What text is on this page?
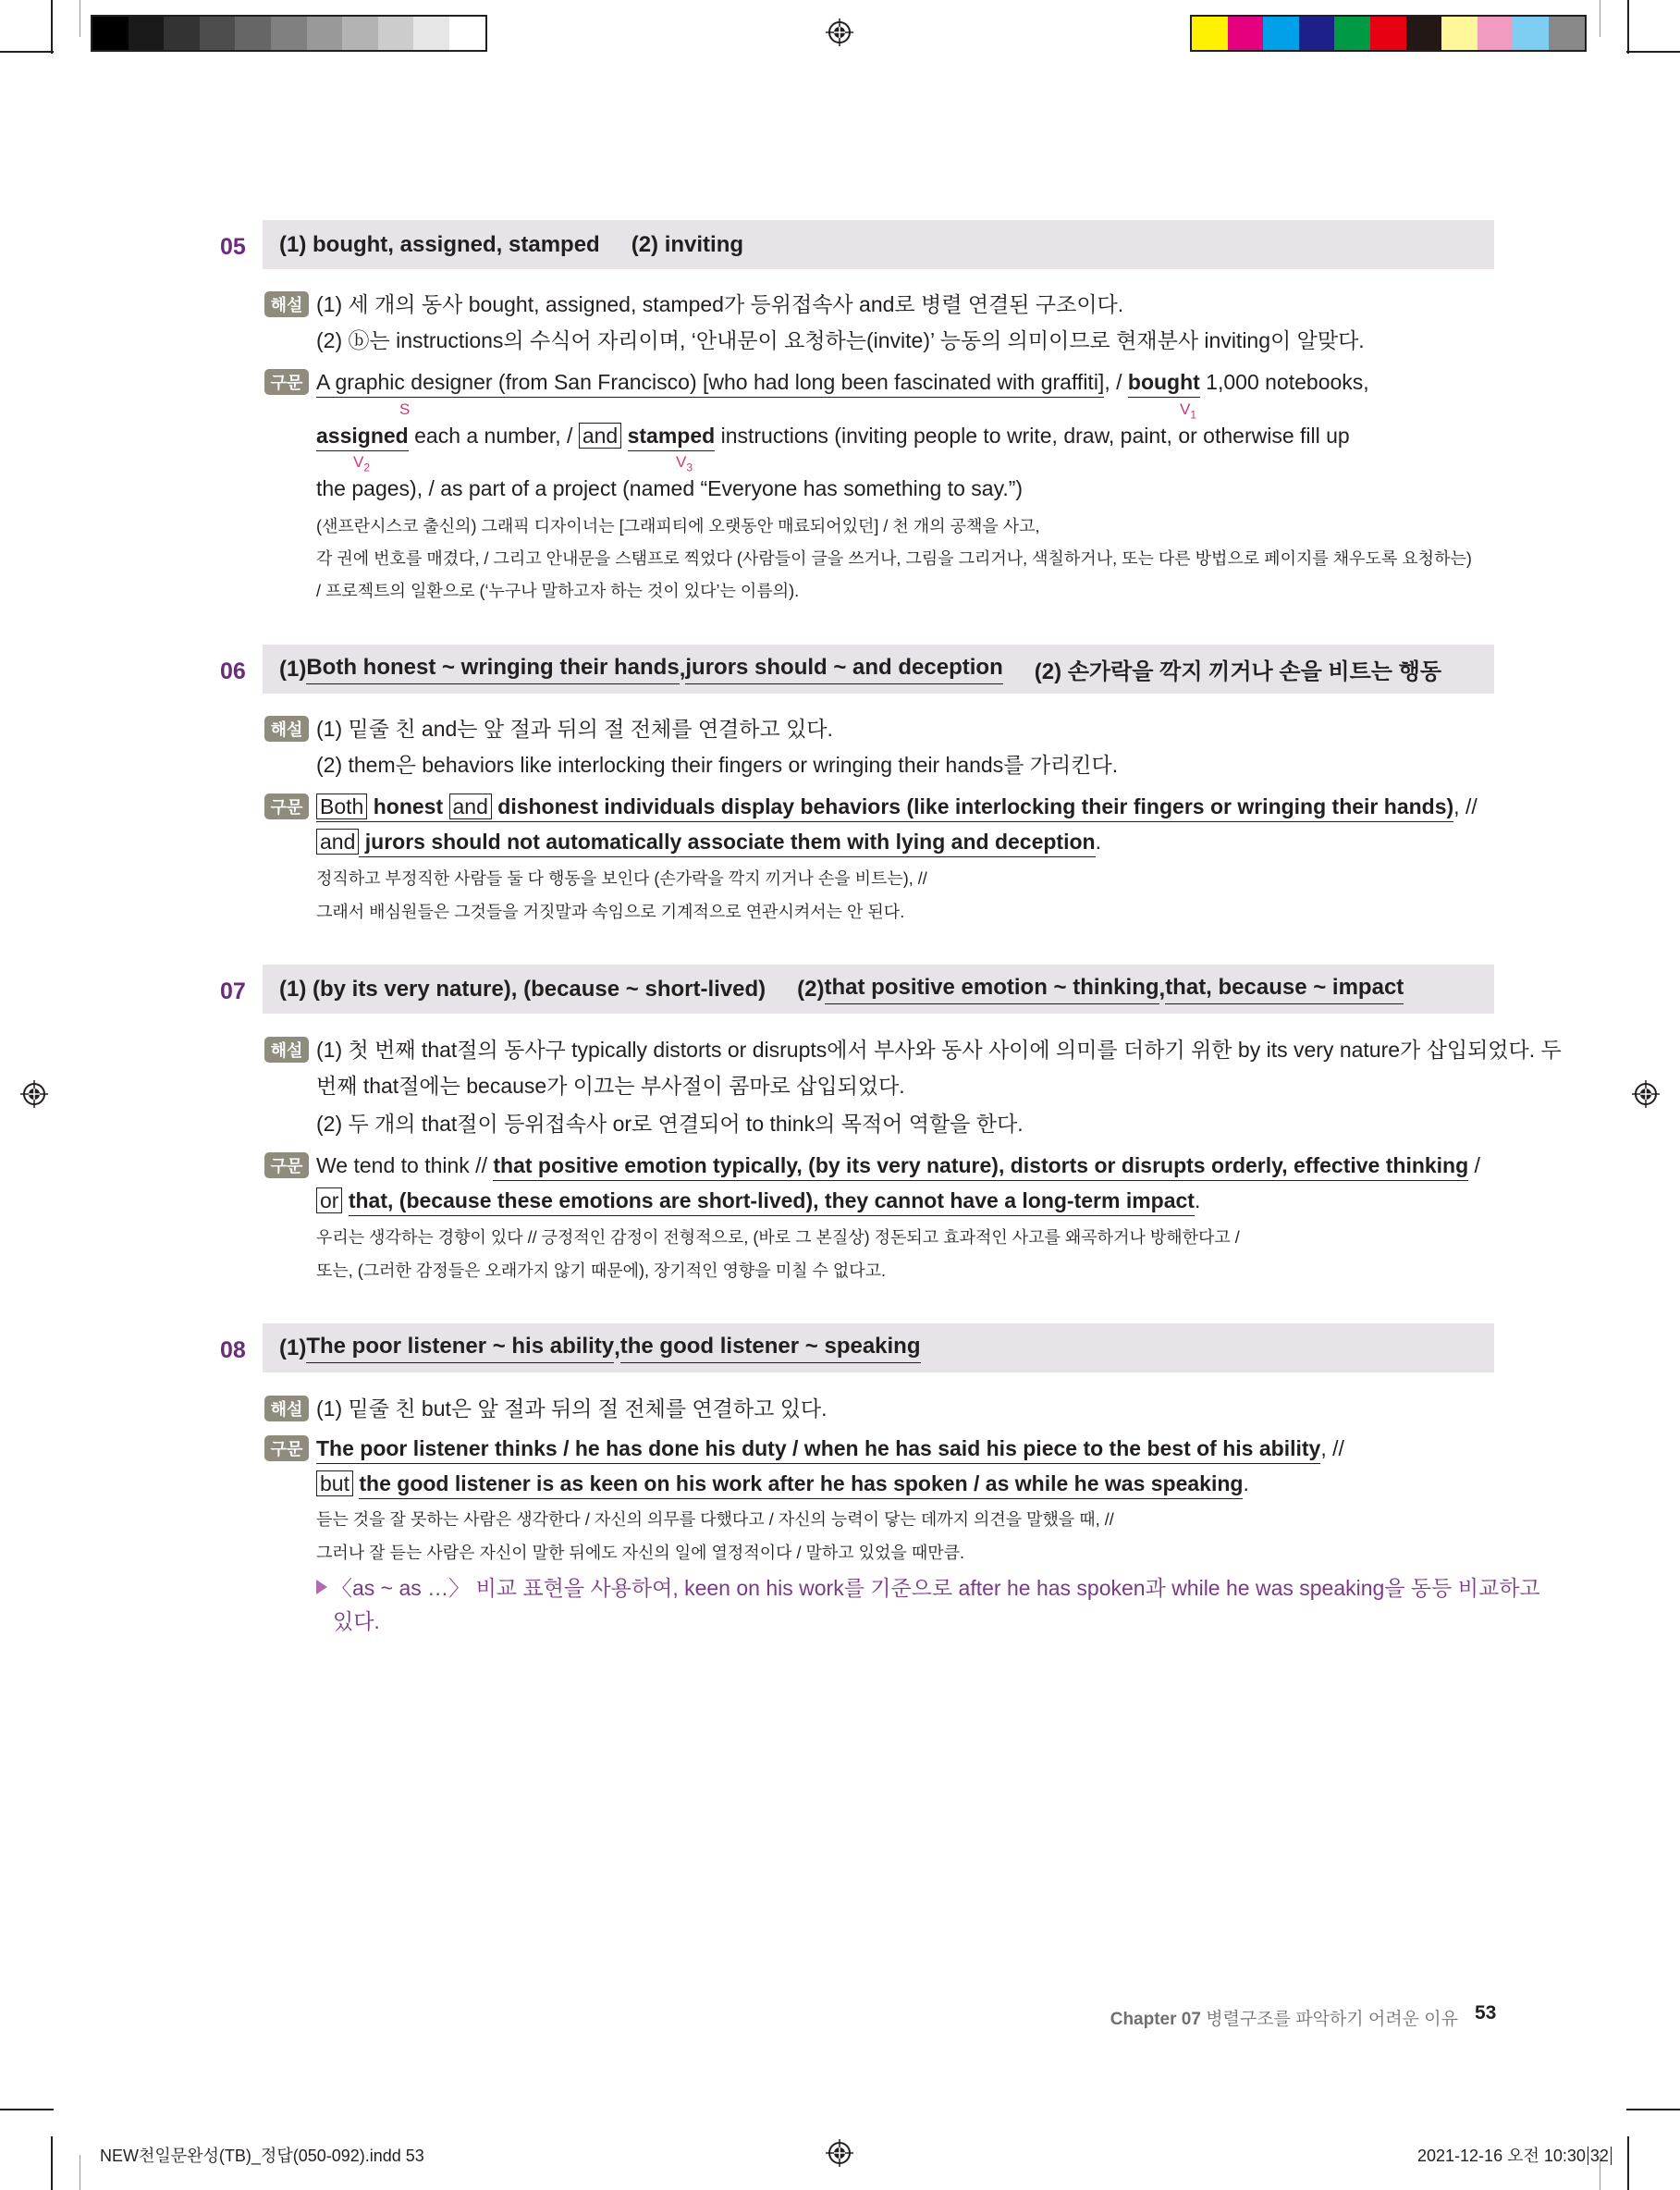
05 (1) bought, assigned, stamped (2) inviting
해설 (1) 세 개의 동사 bought, assigned, stamped가 등위접속사 and로 병렬 연결된 구조이다.
(2) ⓑ는 instructions의 수식어 자리이며, ‘안내문이 요청하는(invite)’ 능동의 의미이므로 현재분사 inviting이 알맞다.
구문 A graphic designer (from San Francisco) [who had long been fascinated with graffiti], / bought 1,000 notebooks,
S	$V_1$
assigned each a number, / and stamped instructions (inviting people to write, draw, paint, or otherwise fill up
$V_2$	$V_3$
the pages), / as part of a project (named “Everyone has something to say.”)
(샌프란시스코 출신의) 그래픽 디자이너는 [그래피티에 오랫동안 매료되어있던] / 천 개의 공책을 사고,
각 권에 번호를 매겼다, / 그리고 안내문을 스탬프로 찍었다 (사람들이 글을 쓰거나, 그림을 그리거나, 색칠하거나, 또는 다른 방법으로 페이지를 채우도록 요청하는)
/ 프로젝트의 일환으로 (‘누구나 말하고자 하는 것이 있다’는 이름의).
06 (1) Both honest ~ wringing their hands , jurors should ~ and deception (2) 손가락을 깍지 끼거나 손을 비트는 행동
해설 (1) 밑줄 친 and는 앞 절과 뒤의 절 전체를 연결하고 있다.
(2) them은 behaviors like interlocking their fingers or wringing their hands를 가리킨다.
구문 Both honest and dishonest individuals display behaviors (like interlocking their fingers or wringing their hands), //
and jurors should not automatically associate them with lying and deception.
정직하고 부정직한 사람들 둘 다 행동을 보인다 (손가락을 깍지 끼거나 손을 비트는), //
그래서 배심원들은 그것들을 거짓말과 속임으로 기계적으로 연관시켜서는 안 된다.
07 (1) (by its very nature), (because ~ short-lived) (2) that positive emotion ~ thinking , that, because ~ impact
해설 (1) 첫 번째 that절의 동사구 typically distorts or disrupts에서 부사와 동사 사이에 의미를 더하기 위한 by its very nature가 삽입되었다. 두
번째 that절에는 because가 이끄는 부사절이 콤마로 삽입되었다.
(2) 두 개의 that절이 등위접속사 or로 연결되어 to think의 목적어 역할을 한다.
구문 We tend to think // that positive emotion typically, (by its very nature), distorts or disrupts orderly, effective thinking /
or that, (because these emotions are short-lived), they cannot have a long-term impact.
우리는 생각하는 경향이 있다 // 긍정적인 감정이 전형적으로, (바로 그 본질상) 정돈되고 효과적인 사고를 왜곡하거나 방해한다고 /
또는, (그러한 감정들은 오래가지 않기 때문에), 장기적인 영향을 미칠 수 없다고.
08 (1) The poor listener ~ his ability , the good listener ~ speaking
해설 (1) 밑줄 친 but은 앞 절과 뒤의 절 전체를 연결하고 있다.
구문 The poor listener thinks / he has done his duty / when he has said his piece to the best of his ability, //
but the good listener is as keen on his work after he has spoken / as while he was speaking.
듣는 것을 잘 못하는 사람은 생각한다 / 자신의 의무를 다했다고 / 자신의 능력이 닿는 데까지 의견을 말했을 때, //
그러나 잘 듣는 사람은 자신이 말한 뒤에도 자신의 일에 열정적이다 / 말하고 있었을 때만큼.
〈as ~ as …〉 비교 표현을 사용하여, keen on his work를 기준으로 after he has spoken과 while he was speaking을 동등 비교하고
있다.
Chapter 07 병렬구조를 파악하기 어려운 이유 53
NEW천일문완성(TB)_정답(050-092).indd 53	2021-12-16 오전 10:30 32
